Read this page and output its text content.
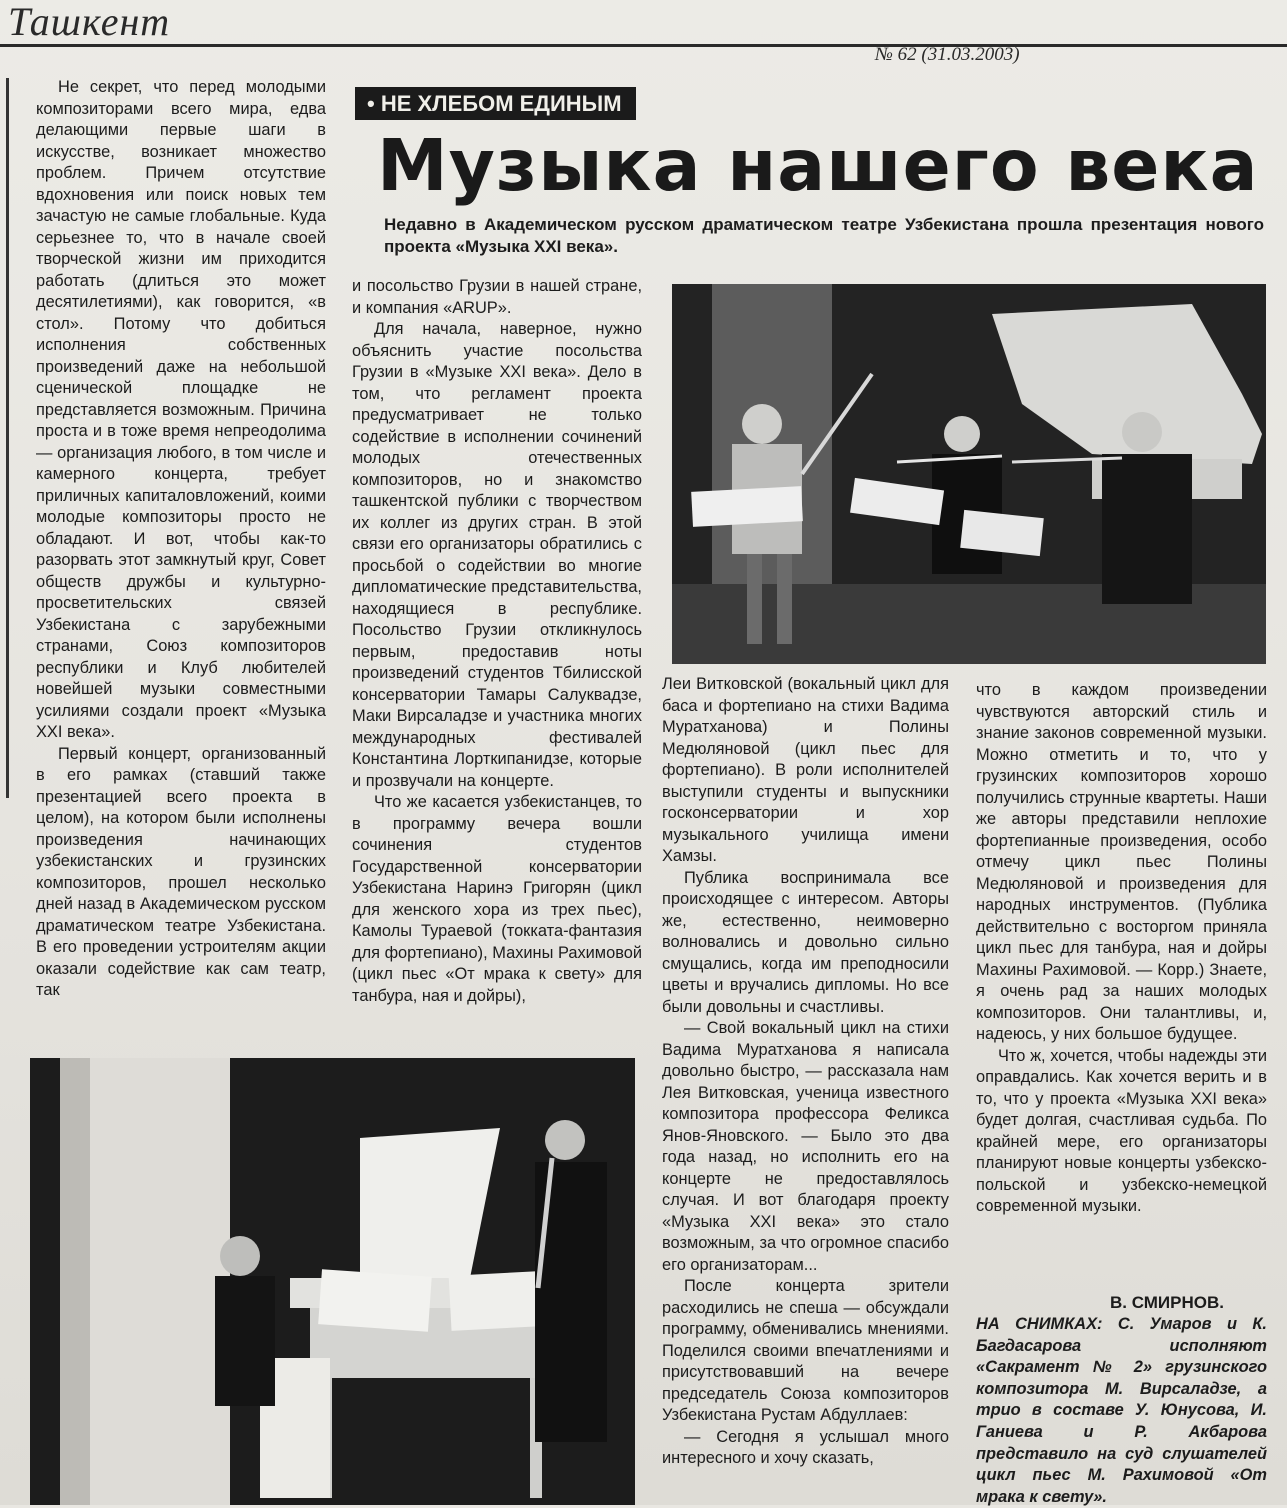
Ташкент
№ 62 (31.03.2003)

Не секрет, что перед молодыми композиторами всего мира, едва делающими первые шаги в искусстве, возникает множество проблем. Причем отсутствие вдохновения или поиск новых тем зачастую не самые глобальные. Куда серьезнее то, что в начале своей творческой жизни им приходится работать (длиться это может десятилетиями), как говорится, «в стол». Потому что добиться исполнения собственных произведений даже на небольшой сценической площадке не представляется возможным. Причина проста и в тоже время непреодолима — организация любого, в том числе и камерного концерта, требует приличных капиталовложений, коими молодые композиторы просто не обладают. И вот, чтобы как-то разорвать этот замкнутый круг, Совет обществ дружбы и культурно-просветительских связей Узбекистана с зарубежными странами, Союз композиторов республики и Клуб любителей новейшей музыки совместными усилиями создали проект «Музыка XXI века».

Первый концерт, организованный в его рамках (ставший также презентацией всего проекта в целом), на котором были исполнены произведения начинающих узбекистанских и грузинских композиторов, прошел несколько дней назад в Академическом русском драматическом театре Узбекистана. В его проведении устроителям акции оказали содействие как сам театр, так

• НЕ ХЛЕБОМ ЕДИНЫМ
Музыка нашего века
Недавно в Академическом русском драматическом театре Узбекистана прошла презентация нового проекта «Музыка XXI века».

и посольство Грузии в нашей стране, и компания «ARUP».

Для начала, наверное, нужно объяснить участие посольства Грузии в «Музыке XXI века». Дело в том, что регламент проекта предусматривает не только содействие в исполнении сочинений молодых отечественных композиторов, но и знакомство ташкентской публики с творчеством их коллег из других стран. В этой связи его организаторы обратились с просьбой о содействии во многие дипломатические представительства, находящиеся в республике. Посольство Грузии откликнулось первым, предоставив ноты произведений студентов Тбилисской консерватории Тамары Салуквадзе, Маки Вирсаладзе и участника многих международных фестивалей Константина Лорткипанидзе, которые и прозвучали на концерте.

Что же касается узбекистанцев, то в программу вечера вошли сочинения студентов Государственной консерватории Узбекистана Наринэ Григорян (цикл для женского хора из трех пьес), Камолы Тураевой (токката-фантазия для фортепиано), Махины Рахимовой (цикл пьес «От мрака к свету» для танбура, ная и дойры),

Леи Витковской (вокальный цикл для баса и фортепиано на стихи Вадима Муратханова) и Полины Медюляновой (цикл пьес для фортепиано). В роли исполнителей выступили студенты и выпускники госконсерватории и хор музыкального училища имени Хамзы.

Публика воспринимала все происходящее с интересом. Авторы же, естественно, неимоверно волновались и довольно сильно смущались, когда им преподносили цветы и вручались дипломы. Но все были довольны и счастливы.

— Свой вокальный цикл на стихи Вадима Муратханова я написала довольно быстро, — рассказала нам Лея Витковская, ученица известного композитора профессора Феликса Янов-Яновского. — Было это два года назад, но исполнить его на концерте не предоставлялось случая. И вот благодаря проекту «Музыка XXI века» это стало возможным, за что огромное спасибо его организаторам...

После концерта зрители расходились не спеша — обсуждали программу, обменивались мнениями. Поделился своими впечатлениями и присутствовавший на вечере председатель Союза композиторов Узбекистана Рустам Абдуллаев:

— Сегодня я услышал много интересного и хочу сказать,

что в каждом произведении чувствуются авторский стиль и знание законов современной музыки. Можно отметить и то, что у грузинских композиторов хорошо получились струнные квартеты. Наши же авторы представили неплохие фортепианные произведения, особо отмечу цикл пьес Полины Медюляновой и произведения для народных инструментов. (Публика действительно с восторгом приняла цикл пьес для танбура, ная и дойры Махины Рахимовой. — Корр.) Знаете, я очень рад за наших молодых композиторов. Они талантливы, и, надеюсь, у них большое будущее.

Что ж, хочется, чтобы надежды эти оправдались. Как хочется верить и в то, что у проекта «Музыка XXI века» будет долгая, счастливая судьба. По крайней мере, его организаторы планируют новые концерты узбекско-польской и узбекско-немецкой современной музыки.

В. СМИРНОВ.
НА СНИМКАХ: С. Умаров и К. Багдасарова исполняют «Сакрамент № 2» грузинского композитора М. Вирсаладзе, а трио в составе У. Юнусова, И. Ганиева и Р. Акбарова представило на суд слушателей цикл пьес М. Рахимовой «От мрака к свету».
